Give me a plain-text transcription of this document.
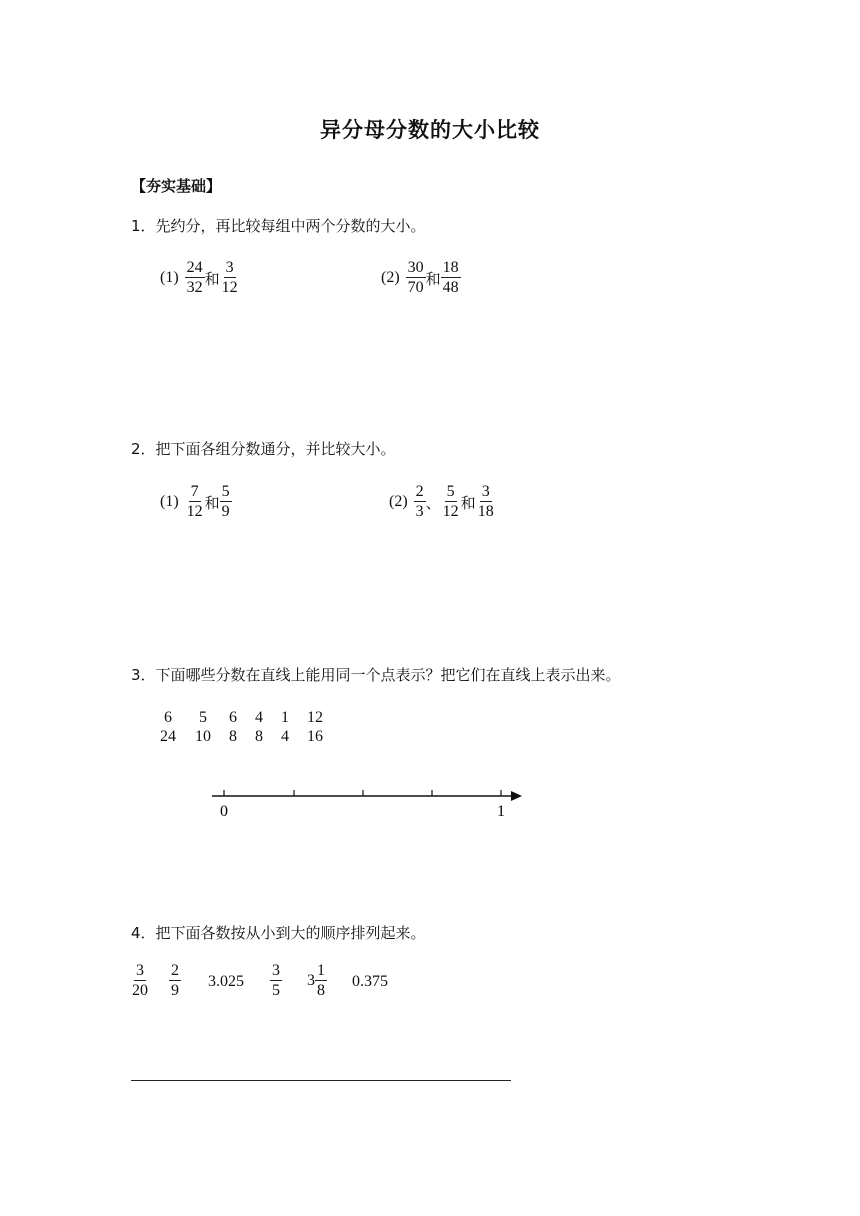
异分母分数的大小比较
【夯实基础】
1．先约分，再比较每组中两个分数的大小。
$(1) \frac{24}{32}$ 和 $\frac{3}{12}$	$(2) \frac{30}{70}$ 和 $\frac{18}{48}$
2．把下面各组分数通分，并比较大小。
$(1) \frac{7}{12}$ 和 $\frac{5}{9}$	$(2) \frac{2}{3}$ 、 $\frac{5}{12}$ 和 $\frac{3}{18}$
3．下面哪些分数在直线上能用同一个点表示？把它们在直线上表示出来。
6
24
5
10
6
8
4
8
1
4
12
16
0	1
4．把下面各数按从小到大的顺序排列起来。
$\frac{3}{20} \frac{2}{9} 3.025 \frac{3}{5} 3 \frac{1}{8} 0.375$
